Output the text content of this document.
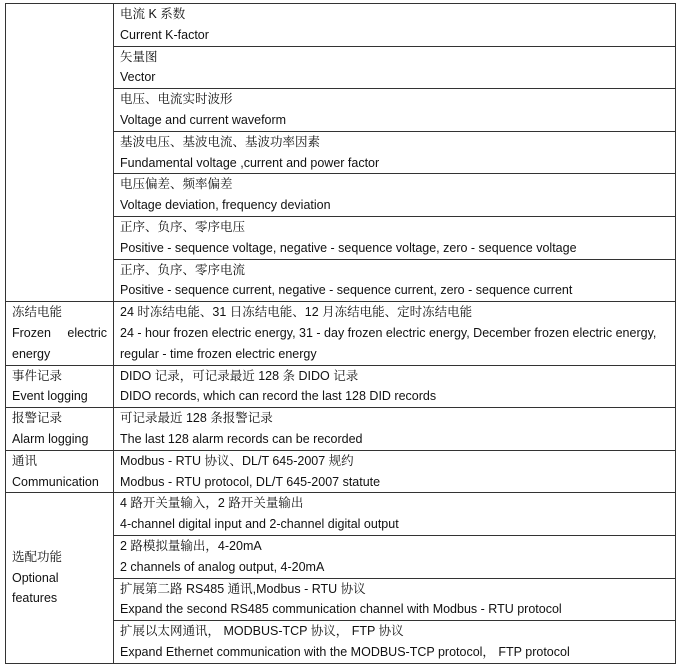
	电流 K 系数
Current K-factor

	矢量图
Vector

	电压、电流实时波形
Voltage and current waveform

	基波电压、基波电流、基波功率因素
Fundamental voltage ,current and power factor

	电压偏差、频率偏差
Voltage deviation, frequency deviation

	正序、负序、零序电压
Positive - sequence voltage, negative - sequence voltage, zero - sequence voltage

	正序、负序、零序电流
Positive - sequence current, negative - sequence current, zero - sequence current

冻结电能
Frozen electric
energy	24 时冻结电能、31 日冻结电能、12 月冻结电能、定时冻结电能
24 - hour frozen electric energy, 31 - day frozen electric energy, December frozen electric energy,
regular - time frozen electric energy

事件记录
Event logging	DIDO 记录，可记录最近 128 条 DIDO 记录
DIDO records, which can record the last 128 DID records

报警记录
Alarm logging	可记录最近 128 条报警记录
The last 128 alarm records can be recorded

通讯
Communication	Modbus - RTU 协议、DL/T 645-2007 规约
Modbus - RTU protocol, DL/T 645-2007 statute

选配功能
Optional
features	4 路开关量输入，2 路开关量输出
4-channel digital input and 2-channel digital output

	2 路模拟量输出，4-20mA
2 channels of analog output, 4-20mA

	扩展第二路 RS485 通讯,Modbus - RTU 协议
Expand the second RS485 communication channel with Modbus - RTU protocol

	扩展以太网通讯， MODBUS-TCP 协议， FTP 协议
Expand Ethernet communication with the MODBUS-TCP protocol， FTP protocol
